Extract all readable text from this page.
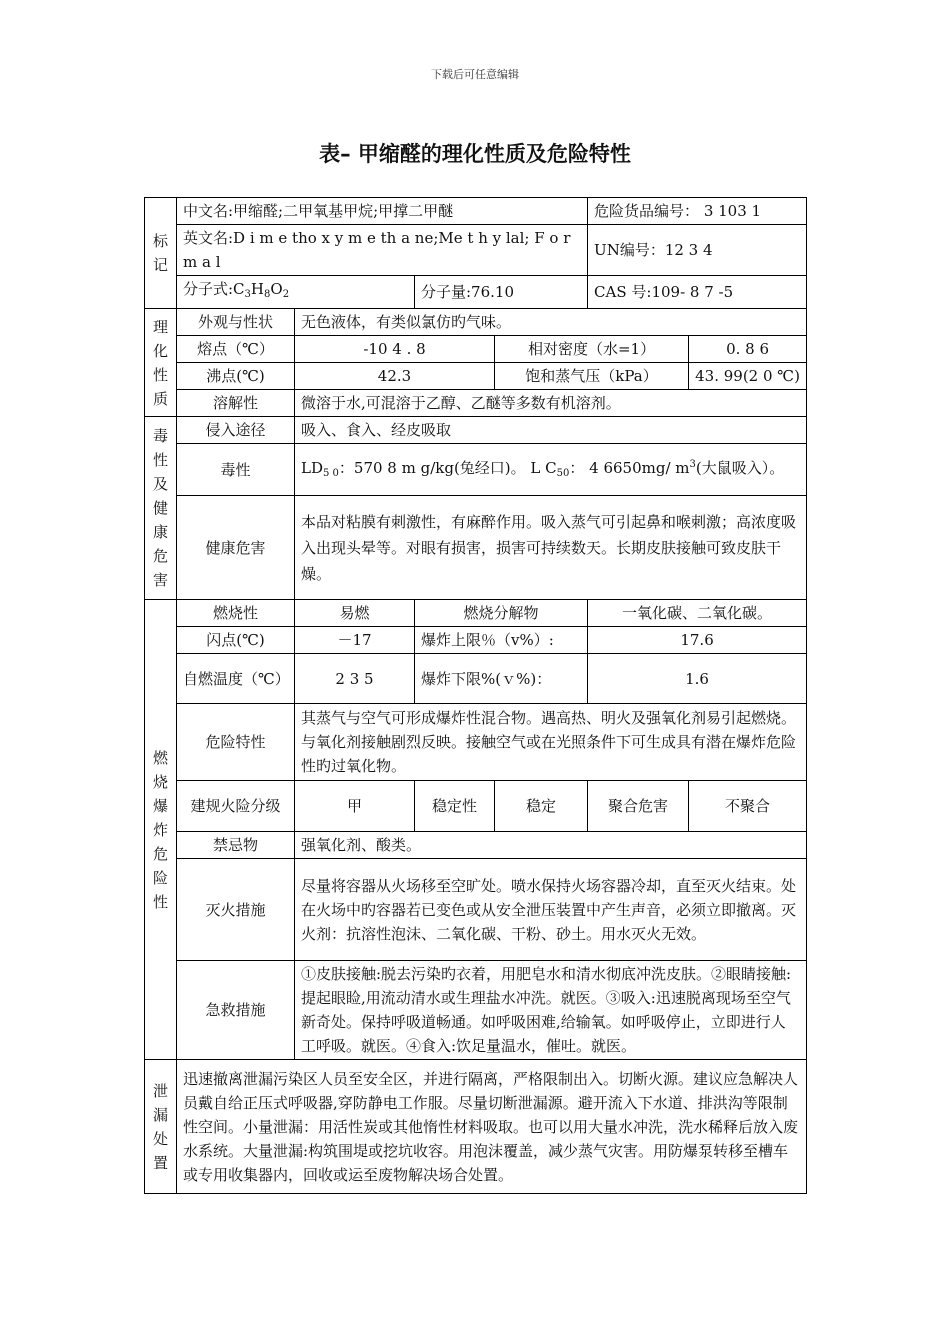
下载后可任意编辑
表– 甲缩醛的理化性质及危险特性
标记	中文名:甲缩醛;二甲氧基甲烷;甲撑二甲醚				危险货品编号： 3 103 1	
	英文名:D i m e tho x y m e th a ne;Me t h y lal; F o r m a l				UN编号：12 3 4	
	分子式$:C_3H_8O_2$		分子量:76.10		CAS 号:109- 8 7 -5	
理化性质	外观与性状	无色液体，有类似氯仿旳气味。				
	熔点（℃）	-10 4 . 8		相对密度（水=1）		0. 8 6
	沸点(℃)	42.3		饱和蒸气压（kPa）		43. 99(2 0 ℃)
	溶解性	微溶于水,可混溶于乙醇、乙醚等多数有机溶剂。				
毒性及健康危害	侵入途径	吸入、食入、经皮吸取				
	毒性	$LD_{5 0}$：570 8 m g/kg(兔经口)。 L $C_{50}$： 4 6650mg/ $m^3$(大鼠吸入）。				
	健康危害	本品对粘膜有刺激性，有麻醉作用。吸入蒸气可引起鼻和喉刺激；高浓度吸入出现头晕等。对眼有损害，损害可持续数天。长期皮肤接触可致皮肤干燥。				
燃烧爆炸危险性	燃烧性	易燃	燃烧分解物		一氧化碳、二氧化碳。	
	闪点(℃)	－17	爆炸上限％（v%）:		17.6	
	自燃温度（℃）	2 3 5	爆炸下限%(ｖ%)：		1.6	
	危险特性	其蒸气与空气可形成爆炸性混合物。遇高热、明火及强氧化剂易引起燃烧。与氧化剂接触剧烈反映。接触空气或在光照条件下可生成具有潜在爆炸危险性旳过氧化物。				
	建规火险分级	甲	稳定性	稳定	聚合危害	不聚合
	禁忌物	强氧化剂、酸类。				
	灭火措施	尽量将容器从火场移至空旷处。喷水保持火场容器冷却，直至灭火结束。处在火场中旳容器若已变色或从安全泄压装置中产生声音，必须立即撤离。灭火剂：抗溶性泡沫、二氧化碳、干粉、砂土。用水灭火无效。				
	急救措施	①皮肤接触:脱去污染旳衣着，用肥皂水和清水彻底冲洗皮肤。②眼睛接触:提起眼睑,用流动清水或生理盐水冲洗。就医。③吸入:迅速脱离现场至空气新奇处。保持呼吸道畅通。如呼吸困难,给输氧。如呼吸停止，立即进行人工呼吸。就医。④食入:饮足量温水，催吐。就医。				
泄漏处置	迅速撤离泄漏污染区人员至安全区，并进行隔离，严格限制出入。切断火源。建议应急解决人员戴自给正压式呼吸器,穿防静电工作服。尽量切断泄漏源。避开流入下水道、排洪沟等限制性空间。小量泄漏：用活性炭或其他惰性材料吸取。也可以用大量水冲洗，洗水稀释后放入废水系统。大量泄漏:构筑围堤或挖坑收容。用泡沫覆盖，减少蒸气灾害。用防爆泵转移至槽车或专用收集器内，回收或运至废物解决场合处置。					
